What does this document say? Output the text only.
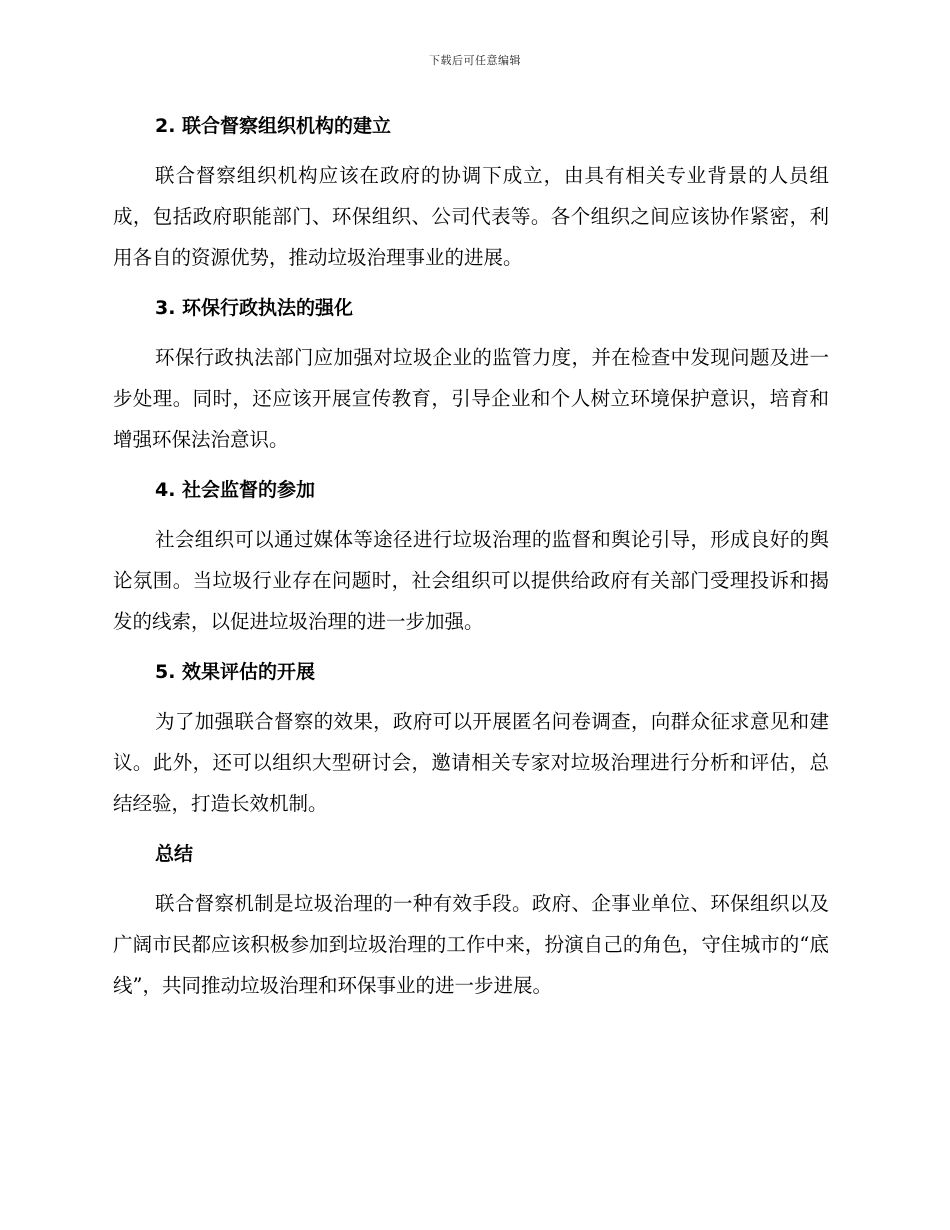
下载后可任意编辑
2. 联合督察组织机构的建立

联合督察组织机构应该在政府的协调下成立，由具有相关专业背景的人员组成，包括政府职能部门、环保组织、公司代表等。各个组织之间应该协作紧密，利用各自的资源优势，推动垃圾治理事业的进展。

3. 环保行政执法的强化

环保行政执法部门应加强对垃圾企业的监管力度，并在检查中发现问题及进一步处理。同时，还应该开展宣传教育，引导企业和个人树立环境保护意识，培育和增强环保法治意识。

4. 社会监督的参加

社会组织可以通过媒体等途径进行垃圾治理的监督和舆论引导，形成良好的舆论氛围。当垃圾行业存在问题时，社会组织可以提供给政府有关部门受理投诉和揭发的线索，以促进垃圾治理的进一步加强。

5. 效果评估的开展

为了加强联合督察的效果，政府可以开展匿名问卷调查，向群众征求意见和建议。此外，还可以组织大型研讨会，邀请相关专家对垃圾治理进行分析和评估，总结经验，打造长效机制。

总结

联合督察机制是垃圾治理的一种有效手段。政府、企事业单位、环保组织以及广阔市民都应该积极参加到垃圾治理的工作中来，扮演自己的角色，守住城市的“底线”，共同推动垃圾治理和环保事业的进一步进展。
